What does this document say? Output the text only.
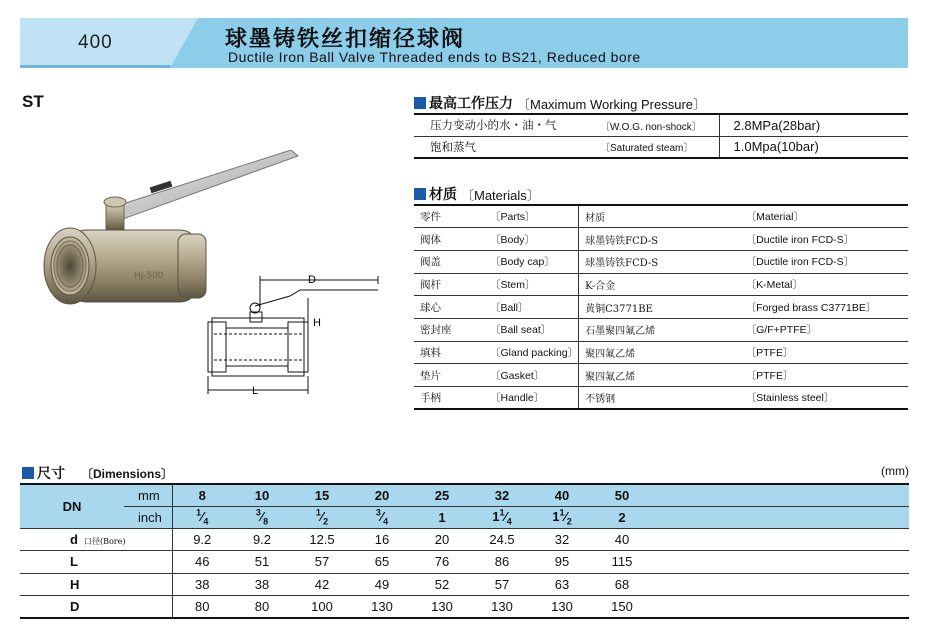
400	球墨铸铁丝扣缩径球阀
Ductile Iron Ball Valve Threaded ends to BS21, Reduced bore
ST
HJ-500	D
H
L
最高工作压力 〔Maximum Working Pressure〕
压力变动小的水・油・气	〔W.O.G. non-shock〕	2.8MPa(28bar)
饱和蒸气	〔Saturated steam〕	1.0Mpa(10bar)
材质 〔Materials〕
零件	〔Parts〕	材质	〔Material〕
阀体	〔Body〕	球墨铸铁FCD-S	〔Ductile iron FCD-S〕
阀盖	〔Body cap〕	球墨铸铁FCD-S	〔Ductile iron FCD-S〕
阀杆	〔Stem〕	K-合金	〔K-Metal〕
球心	〔Ball〕	黄铜C3771BE	〔Forged brass C3771BE〕
密封座	〔Ball seat〕	石墨聚四氟乙烯	〔G/F+PTFE〕
填料	〔Gland packing〕	聚四氟乙烯	〔PTFE〕
垫片	〔Gasket〕	聚四氟乙烯	〔PTFE〕
手柄	〔Handle〕	不锈钢	〔Stainless steel〕
尺寸 〔Dimensions〕	(mm)
DN	mm	8	10	15	20	25	32	40	50	
	inch	$^1⁄_4$	$^3⁄_8$	$^1⁄_2$	$^3⁄_4$	1	$1^1⁄_4$	$1^1⁄_2$	2	
d 口径(Bore)		9.2	9.2	12.5	16	20	24.5	32	40	
L		46	51	57	65	76	86	95	115	
H		38	38	42	49	52	57	63	68	
D		80	80	100	130	130	130	130	150	
